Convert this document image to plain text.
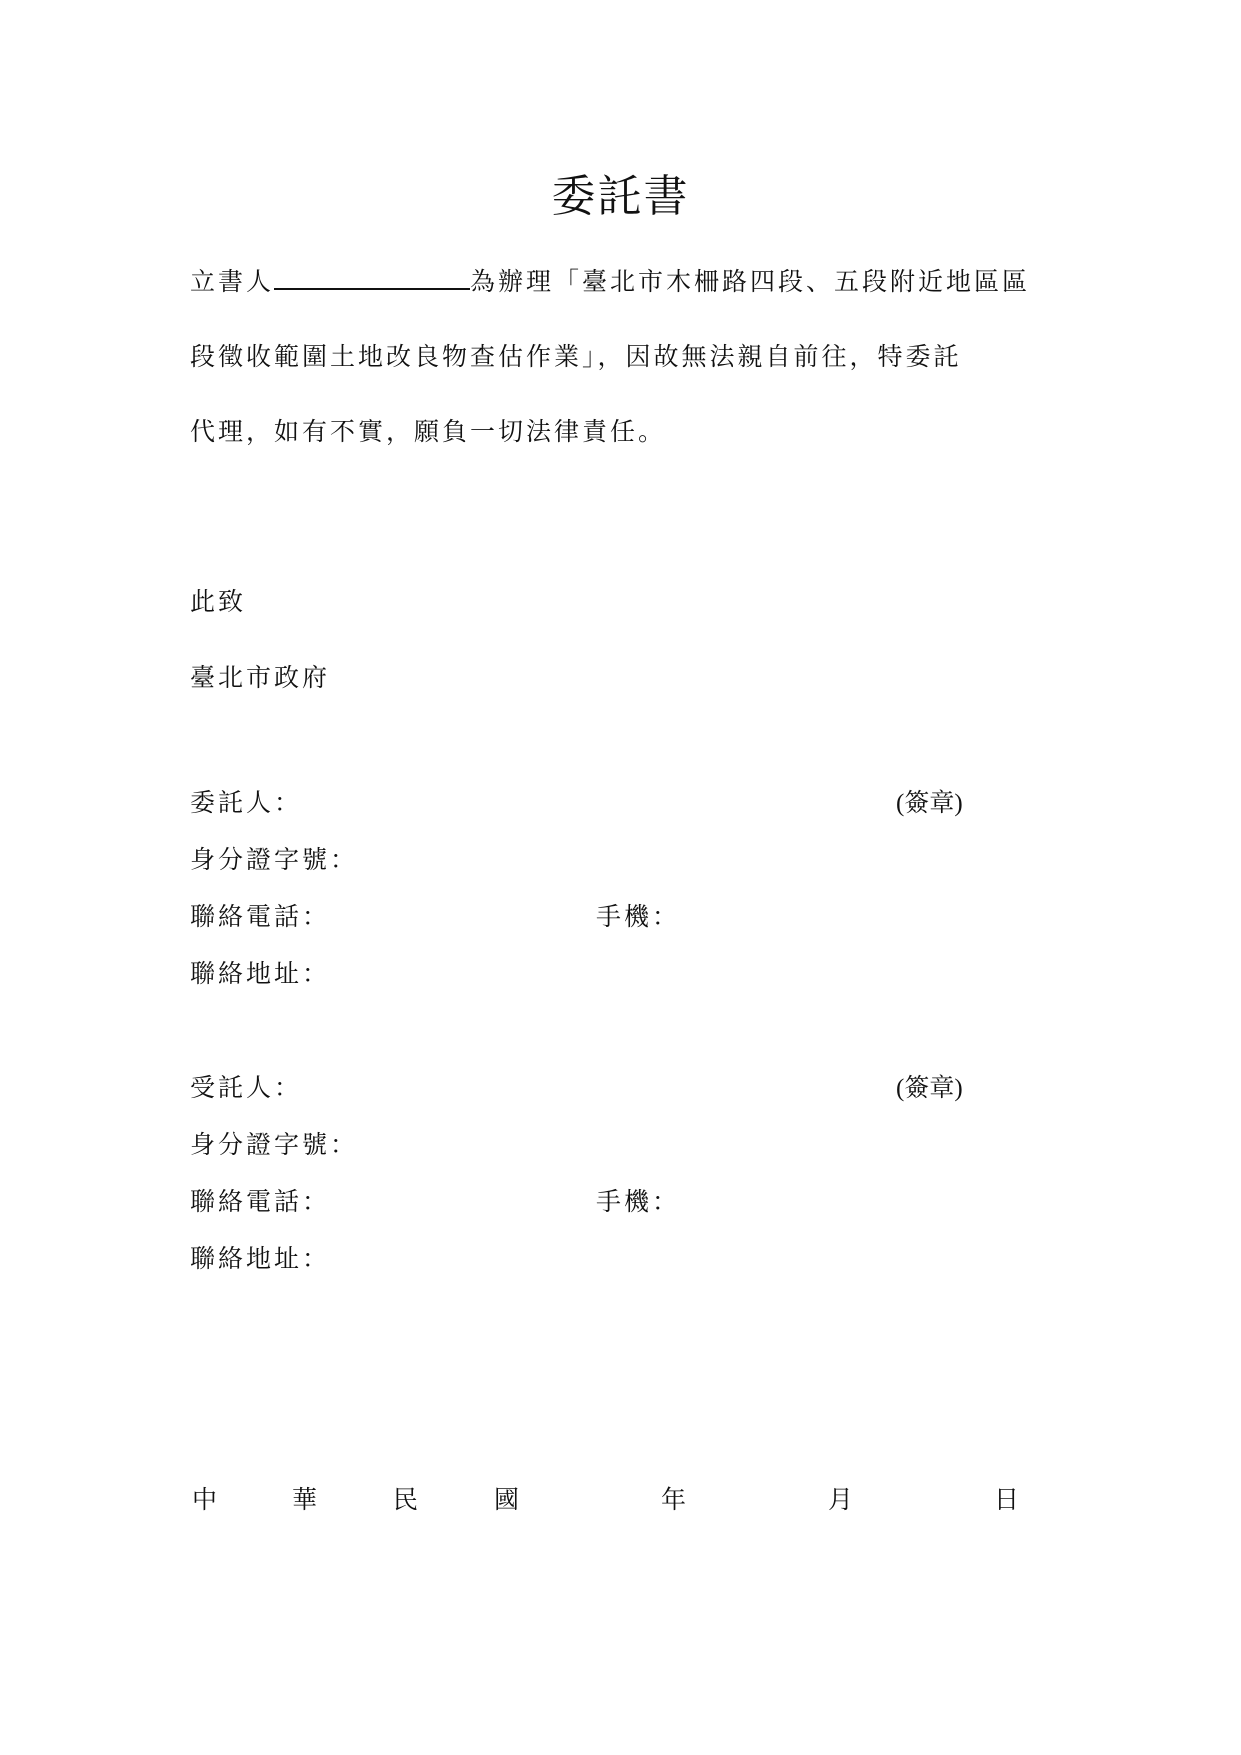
委託書
立書人	為辦理「臺北市木柵路四段、五段附近地區區
段徵收範圍土地改良物查估作業」，因故無法親自前往，特委託
代理，如有不實，願負一切法律責任。
此致
臺北市政府
委託人：	(簽章)
身分證字號：
聯絡電話：	手機：
聯絡地址：
受託人：	(簽章)
身分證字號：
聯絡電話：	手機：
聯絡地址：
中	華	民	國	年	月	日
